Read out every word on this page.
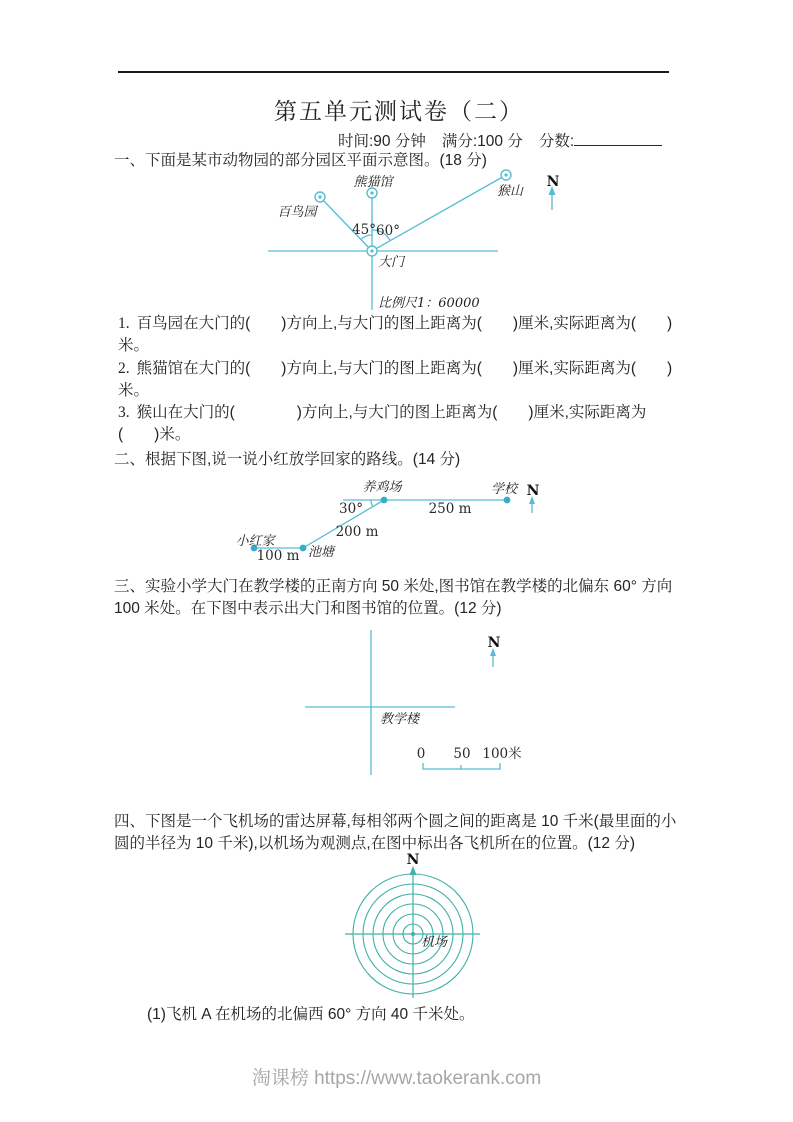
第五单元测试卷（二）
时间:90 分钟 满分:100 分 分数:
一、下面是某市动物园的部分园区平面示意图。(18 分)
熊猫馆
百鸟园
猴山
大门
45° 60°
比例尺1：60000
N

1. 百鸟园在大门的(　　)方向上,与大门的图上距离为(　　)厘米,实际距离为(　　)米。

2. 熊猫馆在大门的(　　)方向上,与大门的图上距离为(　　)厘米,实际距离为(　　)米。

3. 猴山在大门的(　　　　)方向上,与大门的图上距离为(　　)厘米,实际距离为(　　)米。

二、根据下图,说一说小红放学回家的路线。(14 分)
养鸡场	学校
250 m
30°
200 m
池塘
小红家
100 m
N
三、实验小学大门在教学楼的正南方向 50 米处,图书馆在教学楼的北偏东 60° 方向 100 米处。在下图中表示出大门和图书馆的位置。(12 分)
教学楼
0 50 100米
N
四、下图是一个飞机场的雷达屏幕,每相邻两个圆之间的距离是 10 千米(最里面的小圆的半径为 10 千米),以机场为观测点,在图中标出各飞机所在的位置。(12 分)
机场
N
(1)飞机 A 在机场的北偏西 60° 方向 40 千米处。
淘课榜 https://www.taokerank.com
